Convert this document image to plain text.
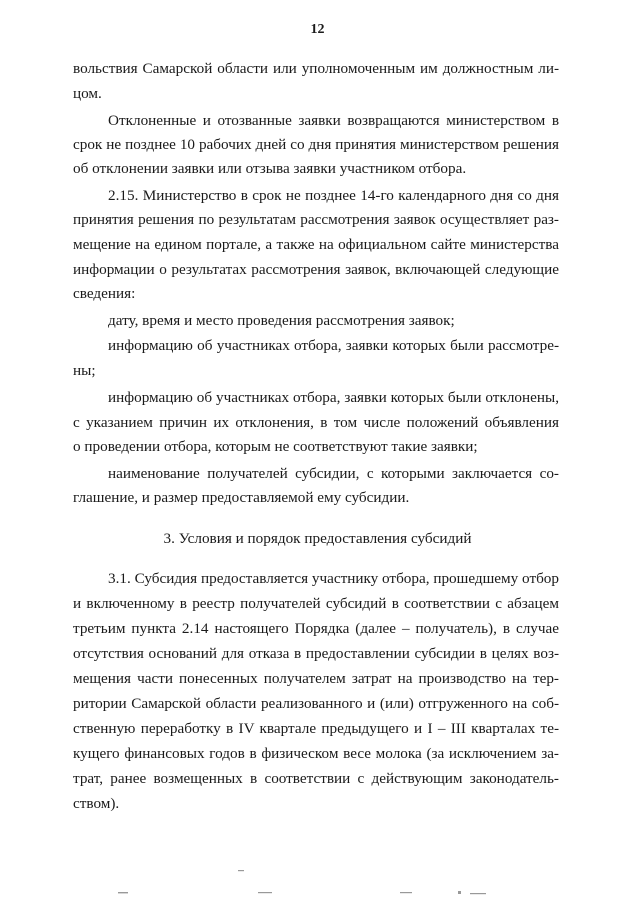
12
вольствия Самарской области или уполномоченным им должностным ли-
цом.
Отклоненные и отозванные заявки возвращаются министерством в
срок не позднее 10 рабочих дней со дня принятия министерством решения
об отклонении заявки или отзыва заявки участником отбора.
2.15. Министерство в срок не позднее 14-го календарного дня со дня
принятия решения по результатам рассмотрения заявок осуществляет раз-
мещение на едином портале, а также на официальном сайте министерства
информации о результатах рассмотрения заявок, включающей следующие
сведения:
дату, время и место проведения рассмотрения заявок;
информацию об участниках отбора, заявки которых были рассмотре-
ны;
информацию об участниках отбора, заявки которых были отклонены,
с указанием причин их отклонения, в том числе положений объявления
о проведении отбора, которым не соответствуют такие заявки;
наименование получателей субсидии, с которыми заключается со-
глашение, и размер предоставляемой ему субсидии.
3. Условия и порядок предоставления субсидий
3.1. Субсидия предоставляется участнику отбора, прошедшему отбор
и включенному в реестр получателей субсидий в соответствии с абзацем
третьим пункта 2.14 настоящего Порядка (далее – получатель), в случае
отсутствия оснований для отказа в предоставлении субсидии в целях воз-
мещения части понесенных получателем затрат на производство на тер-
ритории Самарской области реализованного и (или) отгруженного на соб-
ственную переработку в IV квартале предыдущего и I – III кварталах те-
кущего финансовых годов в физическом весе молока (за исключением за-
трат, ранее возмещенных в соответствии с действующим законодатель-
ством).
